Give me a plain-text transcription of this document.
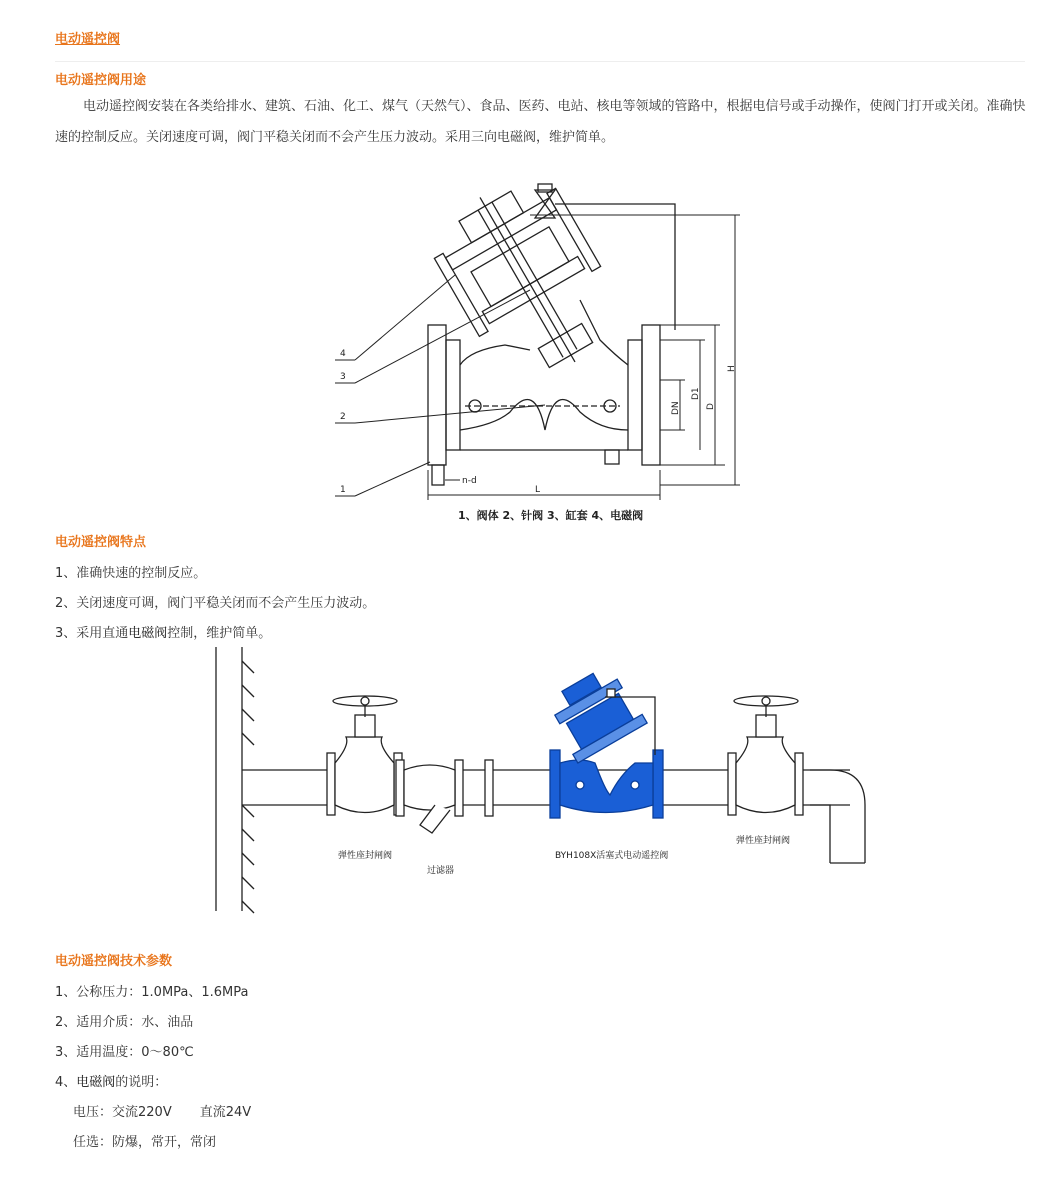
电动遥控阀
电动遥控阀用途
电动遥控阀安装在各类给排水、建筑、石油、化工、煤气（天然气）、食品、医药、电站、核电等领域的管路中，根据电信号或手动操作，使阀门打开或关闭。准确快速的控制反应。关闭速度可调，阀门平稳关闭而不会产生压力波动。采用三向电磁阀，维护简单。
4
3
2
1
n-d
L
DN
D1
D
H
1、阀体 2、针阀 3、缸套 4、电磁阀
电动遥控阀特点
1、准确快速的控制反应。
2、关闭速度可调，阀门平稳关闭而不会产生压力波动。
3、采用直通电磁阀控制，维护简单。
弹性座封闸阀
过滤器
BYH108X活塞式电动遥控阀
弹性座封闸阀
电动遥控阀技术参数
1、公称压力：1.0MPa、1.6MPa
2、适用介质：水、油品
3、适用温度：0～80℃
4、电磁阀的说明：
电压：交流220V 直流24V
任选：防爆，常开，常闭
